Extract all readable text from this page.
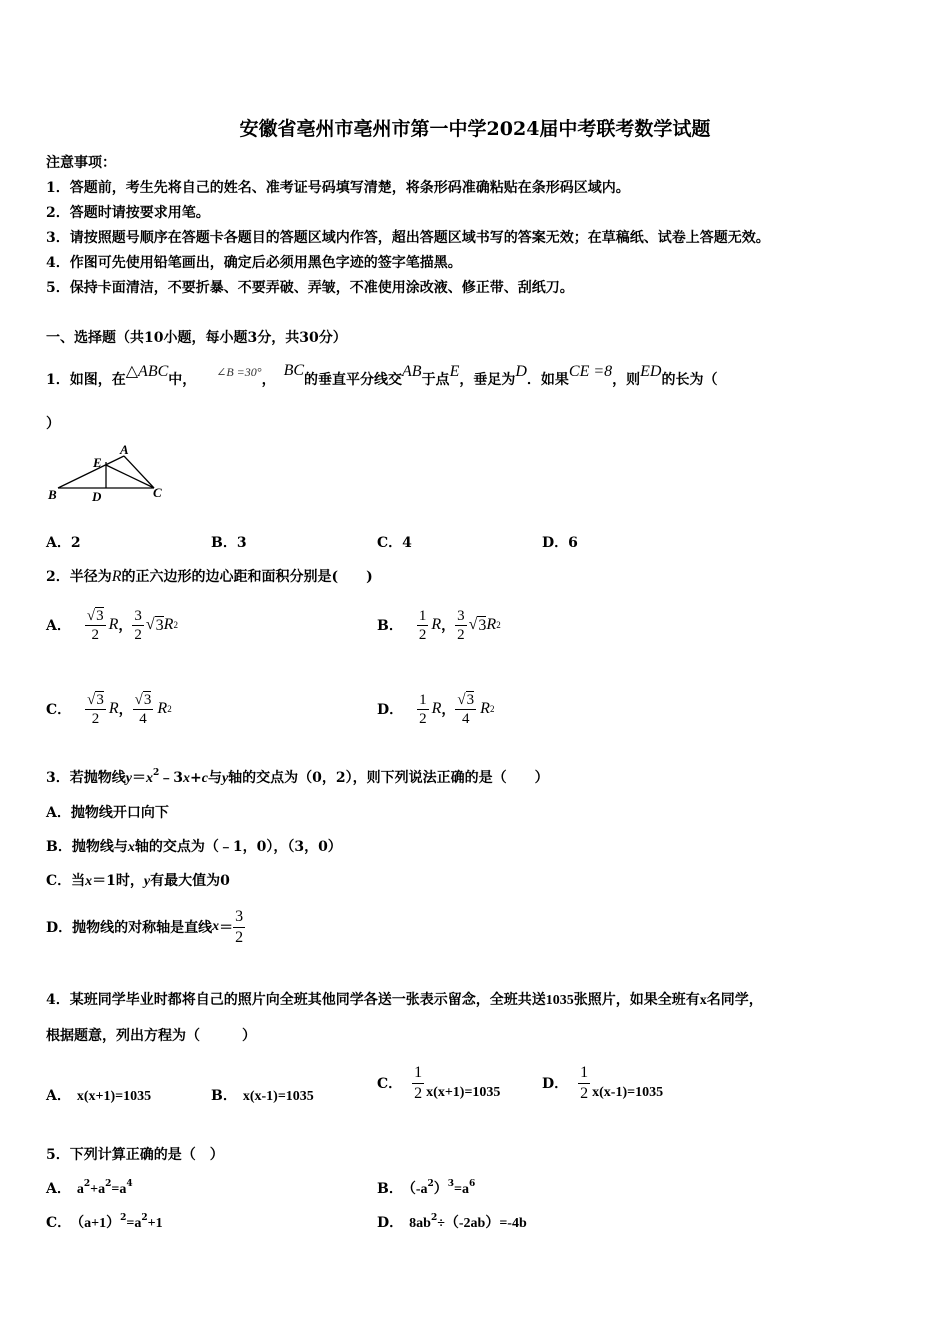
安徽省亳州市亳州市第一中学2024届中考联考数学试题
注意事项：
1．答题前，考生先将自己的姓名、准考证号码填写清楚，将条形码准确粘贴在条形码区域内。
2．答题时请按要求用笔。
3．请按照题号顺序在答题卡各题目的答题区域内作答，超出答题区域书写的答案无效；在草稿纸、试卷上答题无效。
4．作图可先使用铅笔画出，确定后必须用黑色字迹的签字笔描黑。
5．保持卡面清洁，不要折暴、不要弄破、弄皱，不准使用涂改液、修正带、刮纸刀。
一、选择题（共10小题，每小题3分，共30分）
1．如图，在△ABC中， ∠B =30°，BC的垂直平分线交AB于点E，垂足为D．如果CE =8，则ED的长为（
）
B	D	C
A
E
A．2	B．3	C．4	D．6
2．半径为R的正六边形的边心距和面积分别是(　　)
A． $\frac{√3}{2}$ R ， $\frac{3}{2}$ √ 3 R 2	B． $\frac{1}{2}$ R ， $\frac{3}{2}$ √ 3 R 2
C． $\frac{√3}{2}$ R ， $\frac{√3}{4}$ R 2	D． $\frac{1}{2}$ R ， $\frac{√3}{4}$ R 2
3．若抛物线$y=x^2﹣3x+c$与y轴的交点为（0，2），则下列说法正确的是（　　）
A．抛物线开口向下
B．抛物线与x轴的交点为（﹣1，0），（3，0）
C．当x＝1时，y有最大值为0
D．抛物线的对称轴是直线 $x = \frac{3}{2}$
4．某班同学毕业时都将自己的照片向全班其他同学各送一张表示留念，全班共送1035张照片，如果全班有x名同学，
根据题意，列出方程为（　　　）
A． x(x+1)=1035	B． x(x-1)=1035
C． $\frac{1}{2} x(x+1)=1035$
D． $\frac{1}{2} x(x-1)=1035$
5．下列计算正确的是（　）
A． $a^2+a^2=a^4$	B． $(-a^2)^3=a^6$
C． $(a+1)^2=a^2+1$	D． $8ab^2\div(-2ab)=-4b$
